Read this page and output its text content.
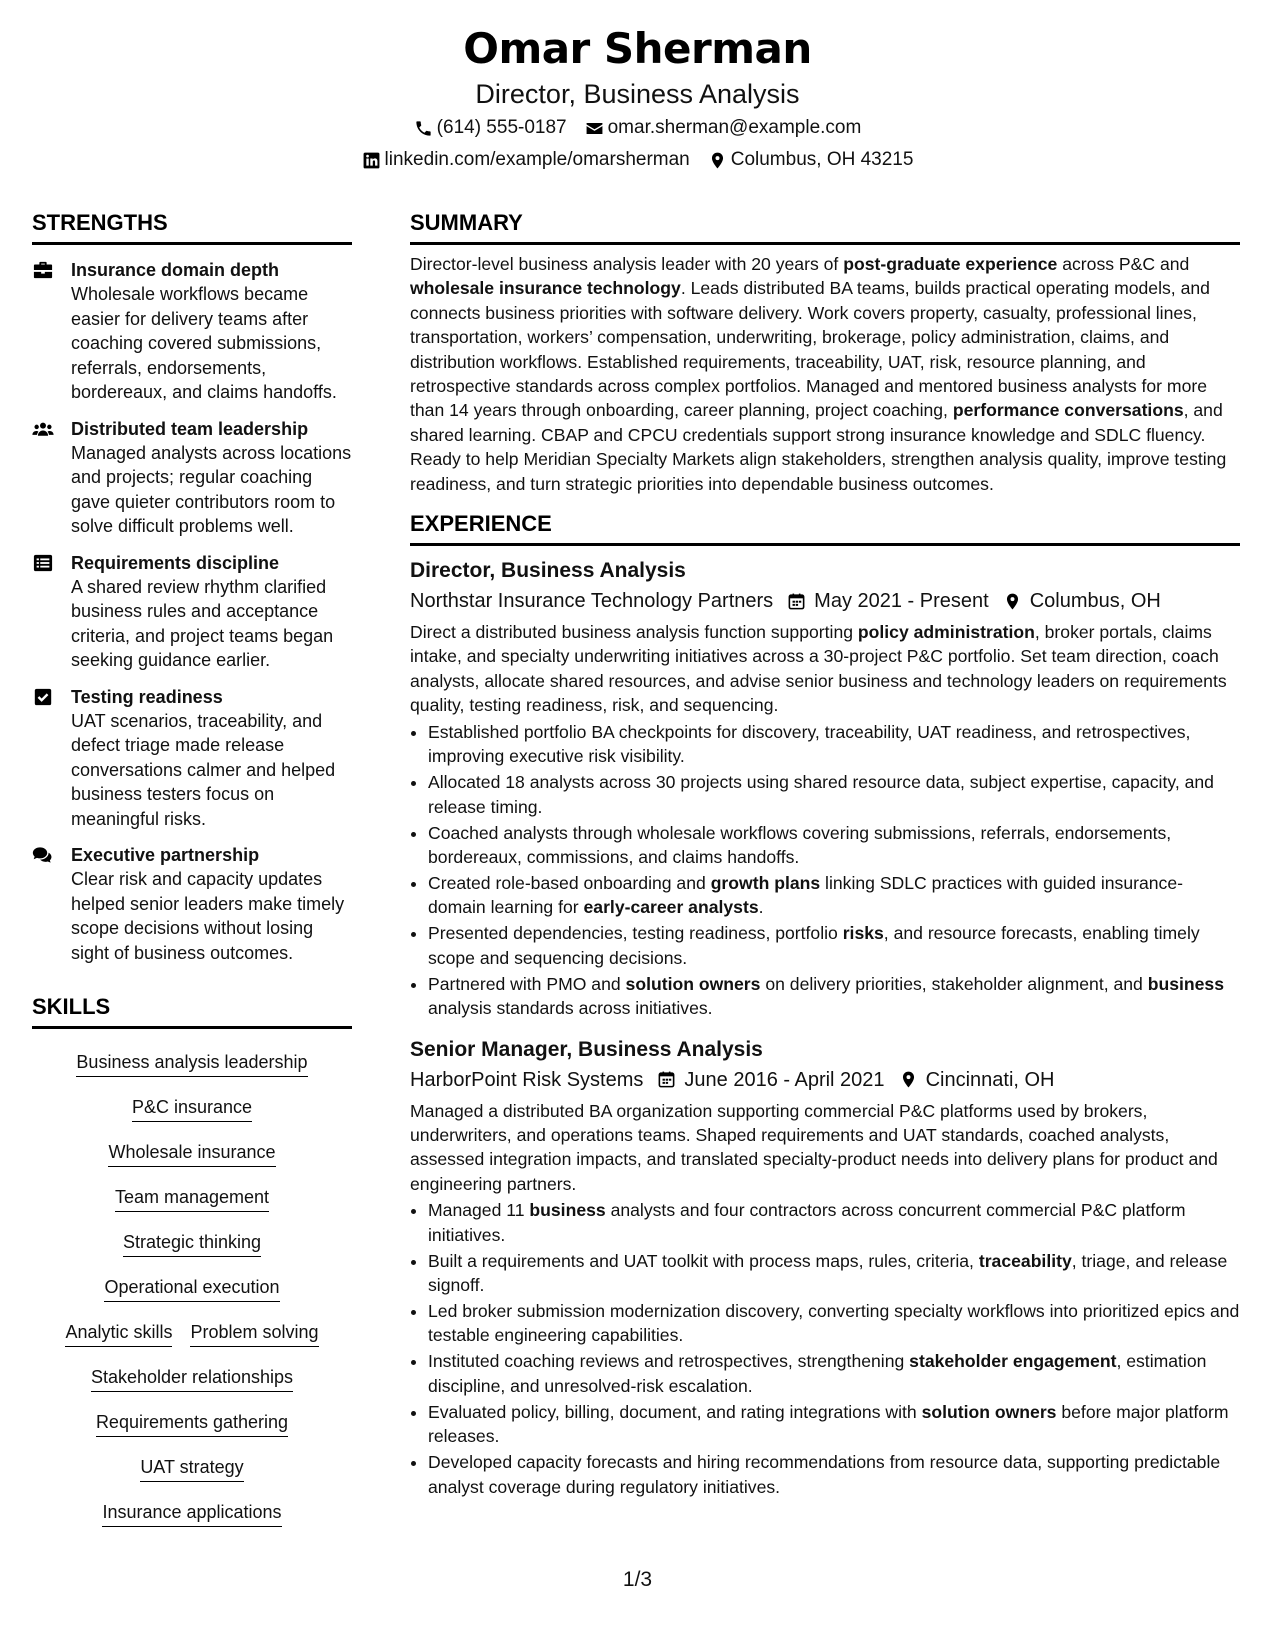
Omar Sherman
Director, Business Analysis
(614) 555-0187 omar.sherman@example.com
linkedin.com/example/omarsherman Columbus, OH 43215
STRENGTHS
Insurance domain depth
Wholesale workflows became easier for delivery teams after coaching covered submissions, referrals, endorsements, bordereaux, and claims handoffs.
Distributed team leadership
Managed analysts across locations and projects; regular coaching gave quieter contributors room to solve difficult problems well.
Requirements discipline
A shared review rhythm clarified business rules and acceptance criteria, and project teams began seeking guidance earlier.
Testing readiness
UAT scenarios, traceability, and defect triage made release conversations calmer and helped business testers focus on meaningful risks.
Executive partnership
Clear risk and capacity updates helped senior leaders make timely scope decisions without losing sight of business outcomes.
SKILLS
Business analysis leadership
P&C insurance
Wholesale insurance
Team management
Strategic thinking
Operational execution
Analytic skills Problem solving
Stakeholder relationships
Requirements gathering
UAT strategy
Insurance applications
SUMMARY

Director-level business analysis leader with 20 years of post-graduate experience across P&C and wholesale insurance technology. Leads distributed BA teams, builds practical operating models, and connects business priorities with software delivery. Work covers property, casualty, professional lines, transportation, workers’ compensation, underwriting, brokerage, policy administration, claims, and distribution workflows. Established requirements, traceability, UAT, risk, resource planning, and retrospective standards across complex portfolios. Managed and mentored business analysts for more than 14 years through onboarding, career planning, project coaching, performance conversations, and shared learning. CBAP and CPCU credentials support strong insurance knowledge and SDLC fluency. Ready to help Meridian Specialty Markets align stakeholders, strengthen analysis quality, improve testing readiness, and turn strategic priorities into dependable business outcomes.

EXPERIENCE
Director, Business Analysis
Northstar Insurance Technology Partners May 2021 - Present Columbus, OH

Direct a distributed business analysis function supporting policy administration, broker portals, claims intake, and specialty underwriting initiatives across a 30-project P&C portfolio. Set team direction, coach analysts, allocate shared resources, and advise senior business and technology leaders on requirements quality, testing readiness, risk, and sequencing.

• Established portfolio BA checkpoints for discovery, traceability, UAT readiness, and retrospectives, improving executive risk visibility.
• Allocated 18 analysts across 30 projects using shared resource data, subject expertise, capacity, and release timing.
• Coached analysts through wholesale workflows covering submissions, referrals, endorsements, bordereaux, commissions, and claims handoffs.
• Created role-based onboarding and growth plans linking SDLC practices with guided insurance-domain learning for early-career analysts.
• Presented dependencies, testing readiness, portfolio risks, and resource forecasts, enabling timely scope and sequencing decisions.
• Partnered with PMO and solution owners on delivery priorities, stakeholder alignment, and business analysis standards across initiatives.
Senior Manager, Business Analysis
HarborPoint Risk Systems June 2016 - April 2021 Cincinnati, OH

Managed a distributed BA organization supporting commercial P&C platforms used by brokers, underwriters, and operations teams. Shaped requirements and UAT standards, coached analysts, assessed integration impacts, and translated specialty-product needs into delivery plans for product and engineering partners.

• Managed 11 business analysts and four contractors across concurrent commercial P&C platform initiatives.
• Built a requirements and UAT toolkit with process maps, rules, criteria, traceability, triage, and release signoff.
• Led broker submission modernization discovery, converting specialty workflows into prioritized epics and testable engineering capabilities.
• Instituted coaching reviews and retrospectives, strengthening stakeholder engagement, estimation discipline, and unresolved-risk escalation.
• Evaluated policy, billing, document, and rating integrations with solution owners before major platform releases.
• Developed capacity forecasts and hiring recommendations from resource data, supporting predictable analyst coverage during regulatory initiatives.
1/3
